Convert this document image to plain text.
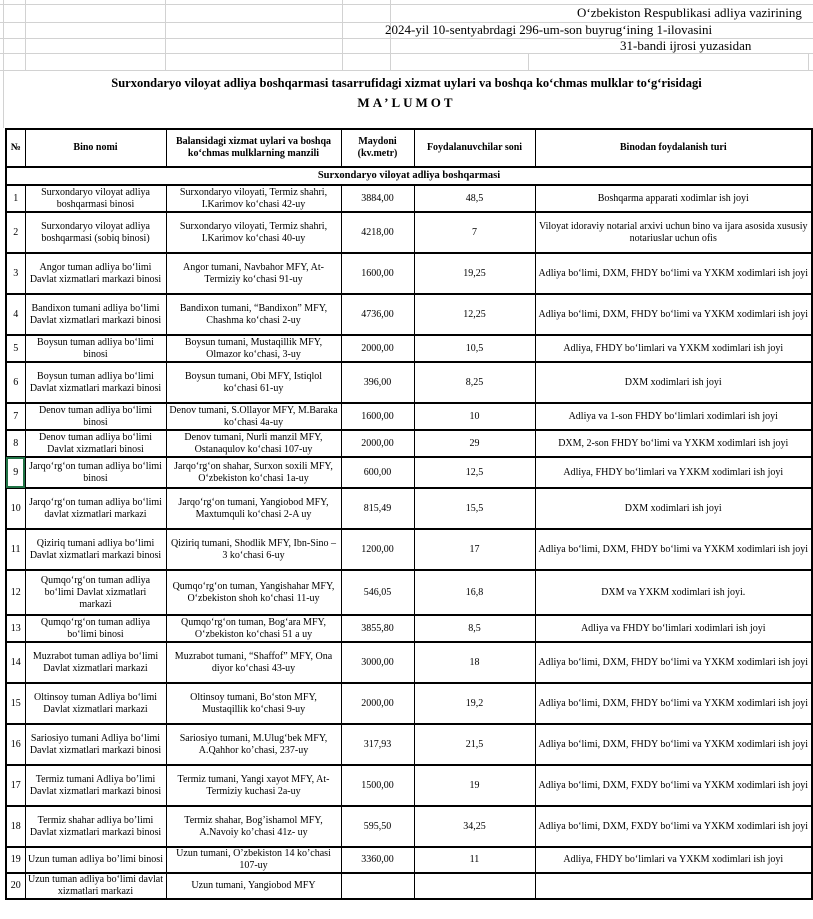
O‘zbekiston Respublikasi adliya vazirining
2024-yil 10-sentyabrdagi 296-um-son buyrug‘ining 1-ilovasini
31-bandi ijrosi yuzasidan
Surxondaryo viloyat adliya boshqarmasi tasarrufidagi xizmat uylari va boshqa ko‘chmas mulklar to‘g‘risidagi
MA’LUMOT
№	Bino nomi	Balansidagi xizmat uylari va boshqa ko‘chmas mulklarning manzili	Maydoni (kv.metr)	Foydalanuvchilar soni	Binodan foydalanish turi
Surxondaryo viloyat adliya boshqarmasi					
1	Surxondaryo viloyat adliya boshqarmasi binosi	Surxondaryo viloyati, Termiz shahri, I.Karimov ko‘chasi 42-uy	3884,00	48,5	Boshqarma apparati xodimlar ish joyi
2	Surxondaryo viloyat adliya boshqarmasi (sobiq binosi)	Surxondaryo viloyati, Termiz shahri, I.Karimov ko‘chasi 40-uy	4218,00	7	Viloyat idoraviy notarial arxivi uchun bino va ijara asosida xususiy notariuslar uchun ofis
3	Angor tuman adliya bo‘limi Davlat xizmatlari markazi binosi	Angor tumani, Navbahor MFY, At-Termiziy ko‘chasi 91-uy	1600,00	19,25	Adliya bo‘limi, DXM, FHDY bo‘limi va YXKM xodimlari ish joyi
4	Bandixon tumani adliya bo‘limi Davlat xizmatlari markazi binosi	Bandixon tumani, “Bandixon” MFY, Chashma ko‘chasi 2-uy	4736,00	12,25	Adliya bo‘limi, DXM, FHDY bo‘limi va YXKM xodimlari ish joyi
5	Boysun tuman adliya bo‘limi binosi	Boysun tumani, Mustaqillik MFY, Olmazor ko‘chasi, 3-uy	2000,00	10,5	Adliya, FHDY bo‘limlari va YXKM xodimlari ish joyi
6	Boysun tuman adliya bo‘limi Davlat xizmatlari markazi binosi	Boysun tumani, Obi MFY, Istiqlol ko‘chasi 61-uy	396,00	8,25	DXM xodimlari ish joyi
7	Denov tuman adliya bo‘limi binosi	Denov tumani, S.Ollayor MFY, M.Baraka ko‘chasi 4a-uy	1600,00	10	Adliya va 1-son FHDY bo‘limlari xodimlari ish joyi
8	Denov tuman adliya bo‘limi Davlat xizmatlari binosi	Denov tumani, Nurli manzil MFY, Ostanaqulov ko‘chasi 107-uy	2000,00	29	DXM, 2-son FHDY bo‘limi va YXKM xodimlari ish joyi
9	Jarqo‘rg‘on tuman adliya bo‘limi binosi	Jarqo‘rg‘on shahar, Surxon soxili MFY, O‘zbekiston ko‘chasi 1a-uy	600,00	12,5	Adliya, FHDY bo‘limlari va YXKM xodimlari ish joyi
10	Jarqo‘rg‘on tuman adliya bo‘limi davlat xizmatlari markazi	Jarqo‘rg‘on tumani, Yangiobod MFY, Maxtumquli ko‘chasi 2-A uy	815,49	15,5	DXM xodimlari ish joyi
11	Qiziriq tumani adliya bo‘limi Davlat xizmatlari markazi binosi	Qiziriq tumani, Shodlik MFY, Ibn-Sino – 3 ko‘chasi 6-uy	1200,00	17	Adliya bo‘limi, DXM, FHDY bo‘limi va YXKM xodimlari ish joyi
12	Qumqo‘rg‘on tuman adliya bo‘limi Davlat xizmatlari markazi	Qumqo‘rg‘on tuman, Yangishahar MFY, O‘zbekiston shoh ko‘chasi 11-uy	546,05	16,8	DXM va YXKM xodimlari ish joyi.
13	Qumqo‘rg‘on tuman adliya bo‘limi binosi	Qumqo‘rg‘on tuman, Bog‘ara MFY, O‘zbekiston ko‘chasi 51 a uy	3855,80	8,5	Adliya va FHDY bo‘limlari xodimlari ish joyi
14	Muzrabot tuman adliya bo‘limi Davlat xizmatlari markazi	Muzrabot tumani, “Shaffof” MFY, Ona diyor ko‘chasi 43-uy	3000,00	18	Adliya bo‘limi, DXM, FHDY bo‘limi va YXKM xodimlari ish joyi
15	Oltinsoy tuman Adliya bo‘limi Davlat xizmatlari markazi	Oltinsoy tumani, Bo‘ston MFY, Mustaqillik ko‘chasi 9-uy	2000,00	19,2	Adliya bo‘limi, DXM, FHDY bo‘limi va YXKM xodimlari ish joyi
16	Sariosiyo tumani Adliya bo‘limi Davlat xizmatlari markazi binosi	Sariosiyo tumani, M.Ulug‘bek MFY, A.Qahhor ko’chasi, 237-uy	317,93	21,5	Adliya bo‘limi, DXM, FHDY bo‘limi va YXKM xodimlari ish joyi
17	Termiz tumani Adliya bo’limi Davlat xizmatlari markazi binosi	Termiz tumani, Yangi xayot MFY, At-Termiziy kuchasi 2a-uy	1500,00	19	Adliya bo‘limi, DXM, FXDY bo‘limi va YXKM xodimlari ish joyi
18	Termiz shahar adliya bo’limi Davlat xizmatlari markazi binosi	Termiz shahar, Bog’ishamol MFY, A.Navoiy ko’chasi 41z- uy	595,50	34,25	Adliya bo‘limi, DXM, FXDY bo‘limi va YXKM xodimlari ish joyi
19	Uzun tuman adliya bo’limi binosi	Uzun tumani, O’zbekiston 14 ko’chasi 107-uy	3360,00	11	Adliya, FHDY bo‘limlari va YXKM xodimlari ish joyi
20	Uzun tuman adliya bo‘limi davlat xizmatlari markazi	Uzun tumani, Yangiobod MFY			
